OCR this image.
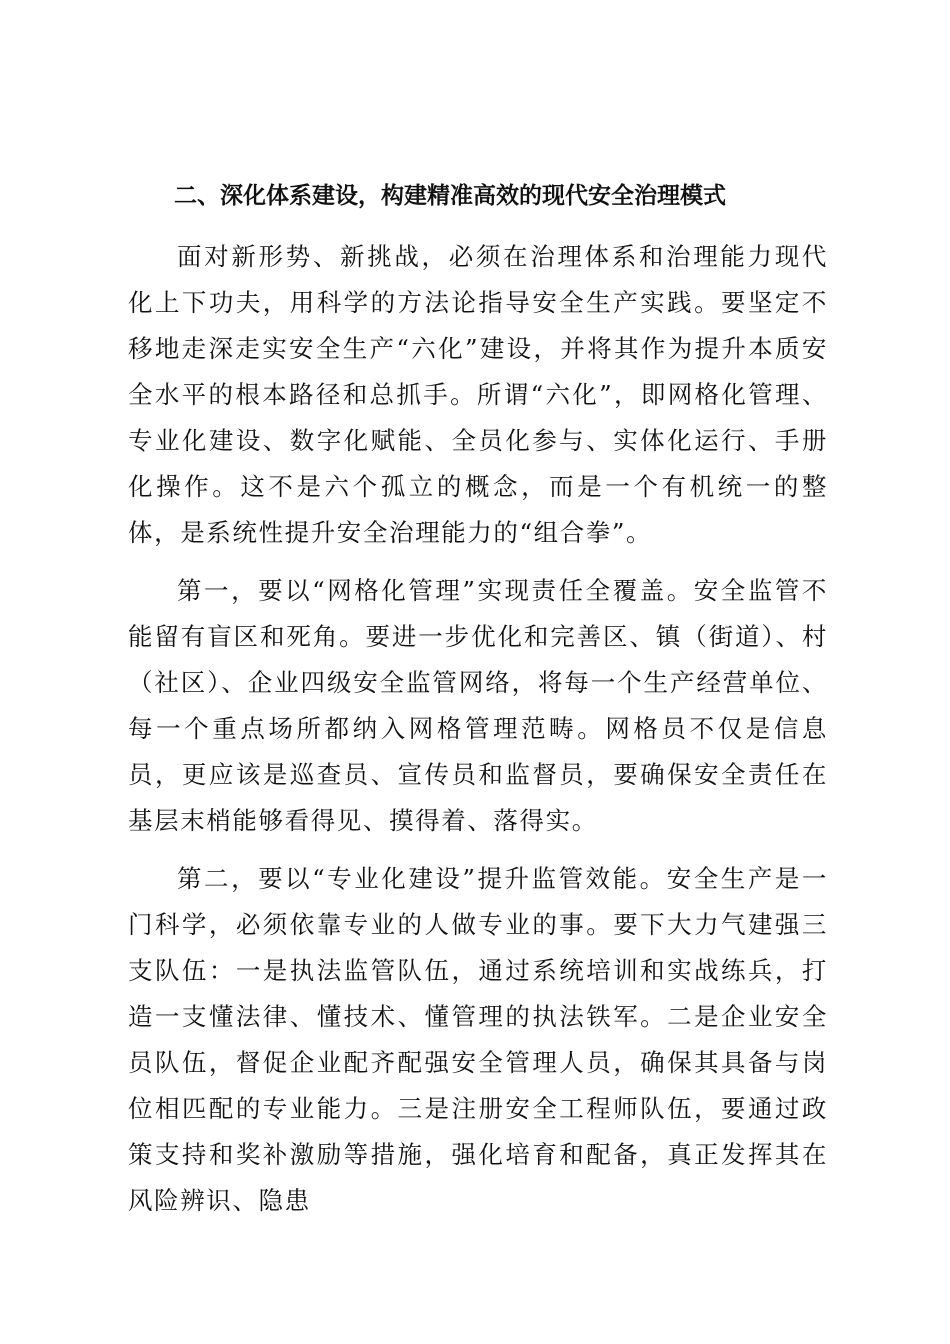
二、深化体系建设，构建精准高效的现代安全治理模式

面对新形势、新挑战，必须在治理体系和治理能力现代化上下功夫，用科学的方法论指导安全生产实践。要坚定不移地走深走实安全生产“六化”建设，并将其作为提升本质安全水平的根本路径和总抓手。所谓“六化”，即网格化管理、专业化建设、数字化赋能、全员化参与、实体化运行、手册化操作。这不是六个孤立的概念，而是一个有机统一的整体，是系统性提升安全治理能力的“组合拳”。

第一，要以“网格化管理”实现责任全覆盖。安全监管不能留有盲区和死角。要进一步优化和完善区、镇（街道）、村（社区）、企业四级安全监管网络，将每一个生产经营单位、每一个重点场所都纳入网格管理范畴。网格员不仅是信息员，更应该是巡查员、宣传员和监督员，要确保安全责任在基层末梢能够看得见、摸得着、落得实。

第二，要以“专业化建设”提升监管效能。安全生产是一门科学，必须依靠专业的人做专业的事。要下大力气建强三支队伍：一是执法监管队伍，通过系统培训和实战练兵，打造一支懂法律、懂技术、懂管理的执法铁军。二是企业安全员队伍，督促企业配齐配强安全管理人员，确保其具备与岗位相匹配的专业能力。三是注册安全工程师队伍，要通过政策支持和奖补激励等措施，强化培育和配备，真正发挥其在风险辨识、隐患
